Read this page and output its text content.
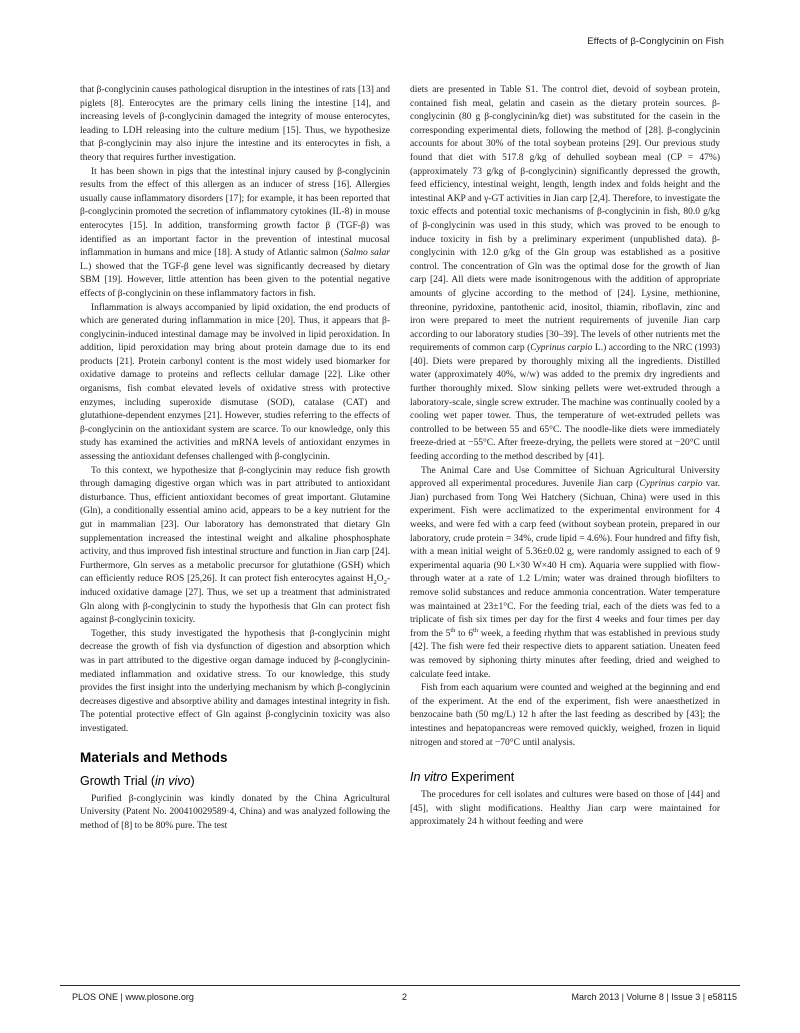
Effects of β-Conglycinin on Fish

that β-conglycinin causes pathological disruption in the intestines of rats [13] and piglets [8]. Enterocytes are the primary cells lining the intestine [14], and increasing levels of β-conglycinin damaged the integrity of mouse enterocytes, leading to LDH releasing into the culture medium [15]. Thus, we hypothesize that β-conglycinin may also injure the intestine and its enterocytes in fish, a theory that requires further investigation.

It has been shown in pigs that the intestinal injury caused by β-conglycinin results from the effect of this allergen as an inducer of stress [16]. Allergies usually cause inflammatory disorders [17]; for example, it has been reported that β-conglycinin promoted the secretion of inflammatory cytokines (IL-8) in mouse enterocytes [15]. In addition, transforming growth factor β (TGF-β) was identified as an important factor in the prevention of intestinal mucosal inflammation in humans and mice [18]. A study of Atlantic salmon (Salmo salar L.) showed that the TGF-β gene level was significantly decreased by dietary SBM [19]. However, little attention has been given to the potential negative effects of β-conglycinin on these inflammatory factors in fish.

Inflammation is always accompanied by lipid oxidation, the end products of which are generated during inflammation in mice [20]. Thus, it appears that β-conglycinin-induced intestinal damage may be involved in lipid peroxidation. In addition, lipid peroxidation may bring about protein damage due to its end products [21]. Protein carbonyl content is the most widely used biomarker for oxidative damage to proteins and reflects cellular damage [22]. Like other organisms, fish combat elevated levels of oxidative stress with protective enzymes, including superoxide dismutase (SOD), catalase (CAT) and glutathione-dependent enzymes [21]. However, studies referring to the effects of β-conglycinin on the antioxidant system are scarce. To our knowledge, only this study has examined the activities and mRNA levels of antioxidant enzymes in assessing the antioxidant defenses challenged with β-conglycinin.

To this context, we hypothesize that β-conglycinin may reduce fish growth through damaging digestive organ which was in part attributed to antioxidant disturbance. Thus, efficient antioxidant becomes of great important. Glutamine (Gln), a conditionally essential amino acid, appears to be a key nutrient for the gut in mammalian [23]. Our laboratory has demonstrated that dietary Gln supplementation increased the intestinal weight and alkaline phosphosphate activity, and thus improved fish intestinal structure and function in Jian carp [24]. Furthermore, Gln serves as a metabolic precursor for glutathione (GSH) which can efficiently reduce ROS [25,26]. It can protect fish enterocytes against $H_2O_2$-induced oxidative damage [27]. Thus, we set up a treatment that administrated Gln along with β-conglycinin to study the hypothesis that Gln can protect fish against β-conglycinin toxicity.

Together, this study investigated the hypothesis that β-conglycinin might decrease the growth of fish via dysfunction of digestion and absorption which was in part attributed to the digestive organ damage induced by β-conglycinin-mediated inflammation and oxidative stress. To our knowledge, this study provides the first insight into the underlying mechanism by which β-conglycinin decreases digestive and absorptive ability and damages intestinal integrity in fish. The potential protective effect of Gln against β-conglycinin toxicity was also investigated.

Materials and Methods
Growth Trial (in vivo)

Purified β-conglycinin was kindly donated by the China Agricultural University (Patent No. 200410029589·4, China) and was analyzed following the method of [8] to be 80% pure. The test

diets are presented in Table S1. The control diet, devoid of soybean protein, contained fish meal, gelatin and casein as the dietary protein sources. β-conglycinin (80 g β-conglycinin/kg diet) was substituted for the casein in the corresponding experimental diets, following the method of [28]. β-conglycinin accounts for about 30% of the total soybean proteins [29]. Our previous study found that diet with 517.8 g/kg of dehulled soybean meal (CP = 47%) (approximately 73 g/kg of β-conglycinin) significantly depressed the growth, feed efficiency, intestinal weight, length, length index and folds height and the intestinal AKP and γ-GT activities in Jian carp [2,4]. Therefore, to investigate the toxic effects and potential toxic mechanisms of β-conglycinin in fish, 80.0 g/kg of β-conglycinin was used in this study, which was proved to be enough to induce toxicity in fish by a preliminary experiment (unpublished data). β-conglycinin with 12.0 g/kg of the Gln group was established as a positive control. The concentration of Gln was the optimal dose for the growth of Jian carp [24]. All diets were made isonitrogenous with the addition of appropriate amounts of glycine according to the method of [24]. Lysine, methionine, threonine, pyridoxine, pantothenic acid, inositol, thiamin, riboflavin, zinc and iron were prepared to meet the nutrient requirements of juvenile Jian carp according to our laboratory studies [30–39]. The levels of other nutrients met the requirements of common carp (Cyprinus carpio L.) according to the NRC (1993) [40]. Diets were prepared by thoroughly mixing all the ingredients. Distilled water (approximately 40%, w/w) was added to the premix dry ingredients and further thoroughly mixed. Slow sinking pellets were wet-extruded through a laboratory-scale, single screw extruder. The machine was continually cooled by a cooling wet paper tower. Thus, the temperature of wet-extruded pellets was controlled to be between 55 and 65°C. The noodle-like diets were immediately freeze-dried at −55°C. After freeze-drying, the pellets were stored at −20°C until feeding according to the method described by [41].

The Animal Care and Use Committee of Sichuan Agricultural University approved all experimental procedures. Juvenile Jian carp (Cyprinus carpio var. Jian) purchased from Tong Wei Hatchery (Sichuan, China) were used in this experiment. Fish were acclimatized to the experimental environment for 4 weeks, and were fed with a carp feed (without soybean protein, prepared in our laboratory, crude protein = 34%, crude lipid = 4.6%). Four hundred and fifty fish, with a mean initial weight of 5.36±0.02 g, were randomly assigned to each of 9 experimental aquaria (90 L×30 W×40 H cm). Aquaria were supplied with flow-through water at a rate of 1.2 L/min; water was drained through biofilters to remove solid substances and reduce ammonia concentration. Water temperature was maintained at 23±1°C. For the feeding trial, each of the diets was fed to a triplicate of fish six times per day for the first 4 weeks and four times per day from the 5th to 6th week, a feeding rhythm that was established in previous study [42]. The fish were fed their respective diets to apparent satiation. Uneaten feed was removed by siphoning thirty minutes after feeding, dried and weighed to calculate feed intake.

Fish from each aquarium were counted and weighed at the beginning and end of the experiment. At the end of the experiment, fish were anaesthetized in benzocaine bath (50 mg/L) 12 h after the last feeding as described by [43]; the intestines and hepatopancreas were removed quickly, weighed, frozen in liquid nitrogen and stored at −70°C until analysis.

In vitro Experiment

The procedures for cell isolates and cultures were based on those of [44] and [45], with slight modifications. Healthy Jian carp were maintained for approximately 24 h without feeding and were

PLOS ONE | www.plosone.org	2	March 2013 | Volume 8 | Issue 3 | e58115
